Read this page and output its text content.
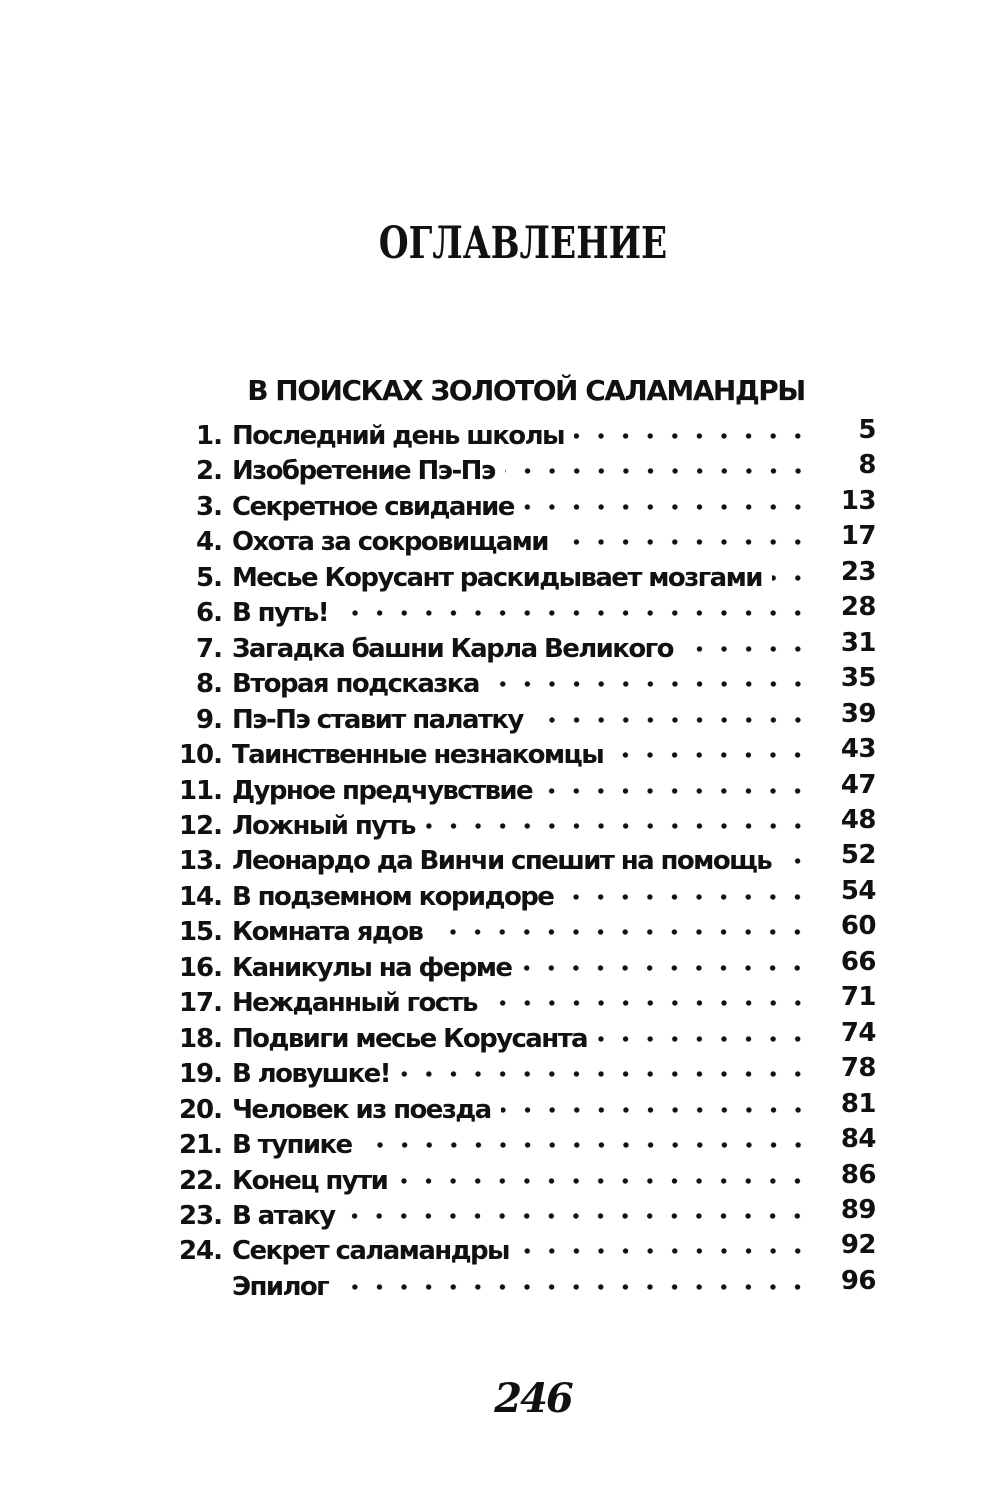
ОГЛАВЛЕНИЕ
В ПОИСКАХ ЗОЛОТОЙ САЛАМАНДРЫ
1. Последний день школы	5
2. Изобретение Пэ-Пэ	8
3. Секретное свидание	13
4. Охота за сокровищами	17
5. Месье Корусант раскидывает мозгами	23
6. В путь!	28
7. Загадка башни Карла Великого	31
8. Вторая подсказка	35
9. Пэ-Пэ ставит палатку	39
10. Таинственные незнакомцы	43
11. Дурное предчувствие	47
12. Ложный путь	48
13. Леонардо да Винчи спешит на помощь	52
14. В подземном коридоре	54
15. Комната ядов	60
16. Каникулы на ферме	66
17. Нежданный гость	71
18. Подвиги месье Корусанта	74
19. В ловушке!	78
20. Человек из поезда	81
21. В тупике	84
22. Конец пути	86
23. В атаку	89
24. Секрет саламандры	92
Эпилог	96
246
